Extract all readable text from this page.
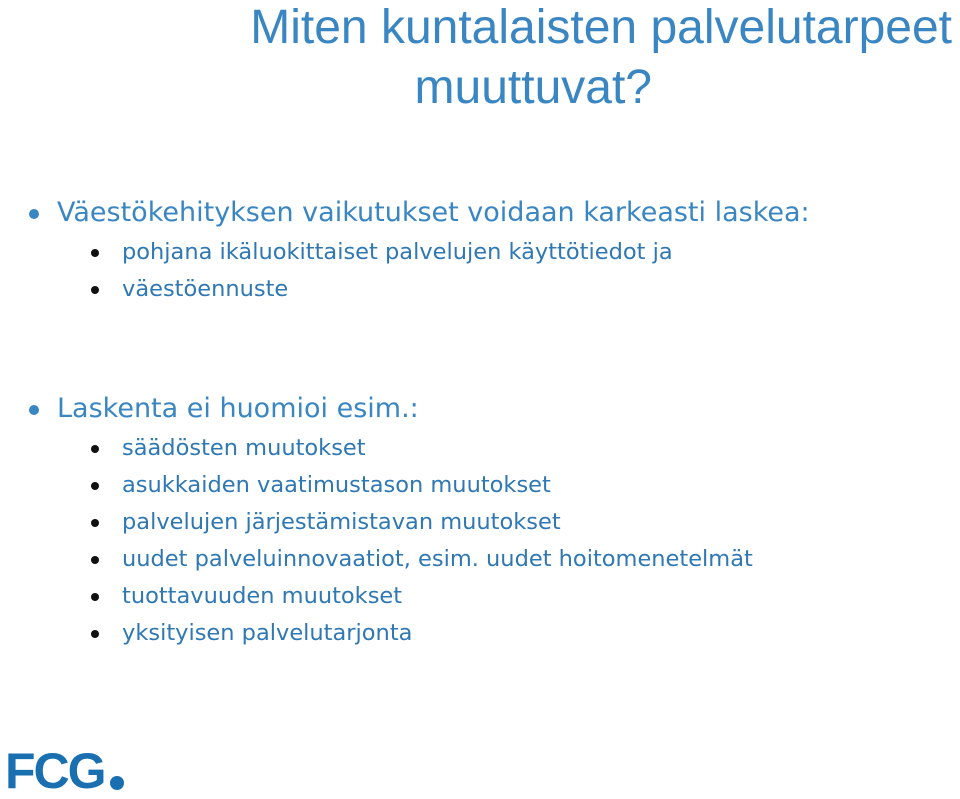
Miten kuntalaisten palvelutarpeet
muuttuvat?
Väestökehityksen vaikutukset voidaan karkeasti laskea:
pohjana ikäluokittaiset palvelujen käyttötiedot ja
väestöennuste
Laskenta ei huomioi esim.:
säädösten muutokset
asukkaiden vaatimustason muutokset
palvelujen järjestämistavan muutokset
uudet palveluinnovaatiot, esim. uudet hoitomenetelmät
tuottavuuden muutokset
yksityisen palvelutarjonta
FCG
